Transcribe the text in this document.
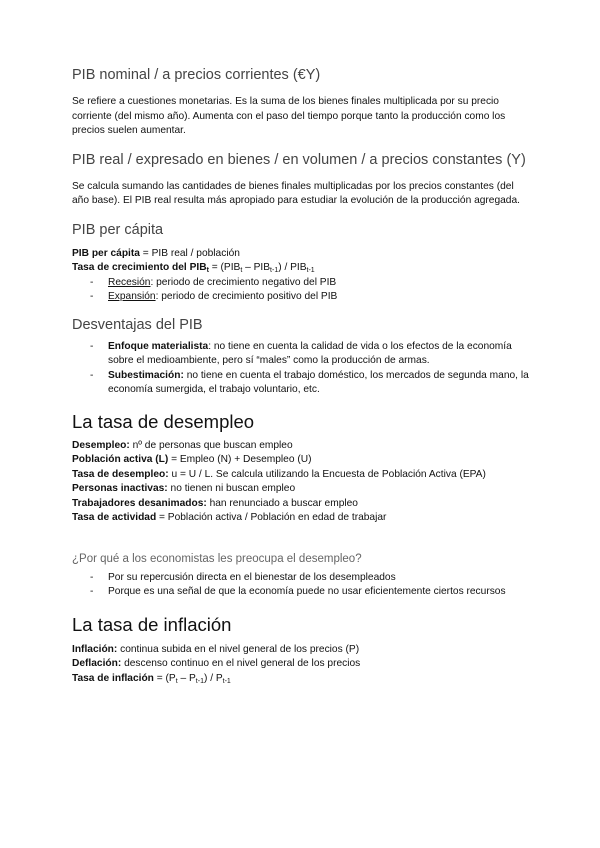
PIB nominal / a precios corrientes (€Y)

Se refiere a cuestiones monetarias. Es la suma de los bienes finales multiplicada por su precio corriente (del mismo año). Aumenta con el paso del tiempo porque tanto la producción como los precios suelen aumentar.

PIB real / expresado en bienes / en volumen / a precios constantes (Y)

Se calcula sumando las cantidades de bienes finales multiplicadas por los precios constantes (del año base). El PIB real resulta más apropiado para estudiar la evolución de la producción agregada.

PIB per cápita

PIB per cápita = PIB real / población

Tasa de crecimiento del $PIB_t = (PIB_t - PIB_{t-1}) / PIB_{t-1}$

- Recesión: periodo de crecimiento negativo del PIB
- Expansión: periodo de crecimiento positivo del PIB
Desventajas del PIB
- Enfoque materialista: no tiene en cuenta la calidad de vida o los efectos de la economía sobre el medioambiente, pero sí “males” como la producción de armas.
- Subestimación: no tiene en cuenta el trabajo doméstico, los mercados de segunda mano, la economía sumergida, el trabajo voluntario, etc.
La tasa de desempleo

Desempleo: nº de personas que buscan empleo

Población activa (L) = Empleo (N) + Desempleo (U)

Tasa de desempleo: u = U / L. Se calcula utilizando la Encuesta de Población Activa (EPA)

Personas inactivas: no tienen ni buscan empleo

Trabajadores desanimados: han renunciado a buscar empleo

Tasa de actividad = Población activa / Población en edad de trabajar

¿Por qué a los economistas les preocupa el desempleo?
- Por su repercusión directa en el bienestar de los desempleados
- Porque es una señal de que la economía puede no usar eficientemente ciertos recursos
La tasa de inflación

Inflación: continua subida en el nivel general de los precios (P)

Deflación: descenso continuo en el nivel general de los precios

Tasa de inflación = $(P_t - P_{t-1}) / P_{t-1}$
